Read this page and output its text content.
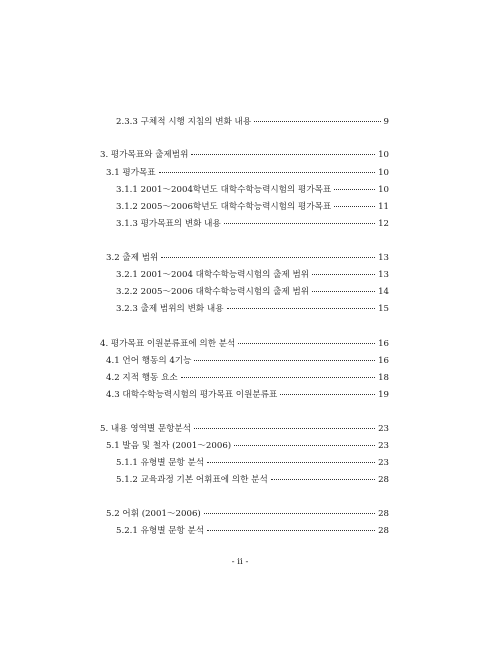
2.3.3 구체적 시행 지침의 변화 내용	9
3. 평가목표와 출제범위	10
3.1 평가목표	10
3.1.1 2001～2004학년도 대학수학능력시험의 평가목표	10
3.1.2 2005～2006학년도 대학수학능력시험의 평가목표	11
3.1.3 평가목표의 변화 내용	12
3.2 출제 범위	13
3.2.1 2001～2004 대학수학능력시험의 출제 범위	13
3.2.2 2005～2006 대학수학능력시험의 출제 범위	14
3.2.3 출제 범위의 변화 내용	15
4. 평가목표 이원분류표에 의한 분석	16
4.1 언어 행동의 4기능	16
4.2 지적 행동 요소	18
4.3 대학수학능력시험의 평가목표 이원분류표	19
5. 내용 영역별 문항분석	23
5.1 발음 및 철자 (2001～2006)	23
5.1.1 유형별 문항 분석	23
5.1.2 교육과정 기본 어휘표에 의한 분석	28
5.2 어휘 (2001～2006)	28
5.2.1 유형별 문항 분석	28
- ii -
